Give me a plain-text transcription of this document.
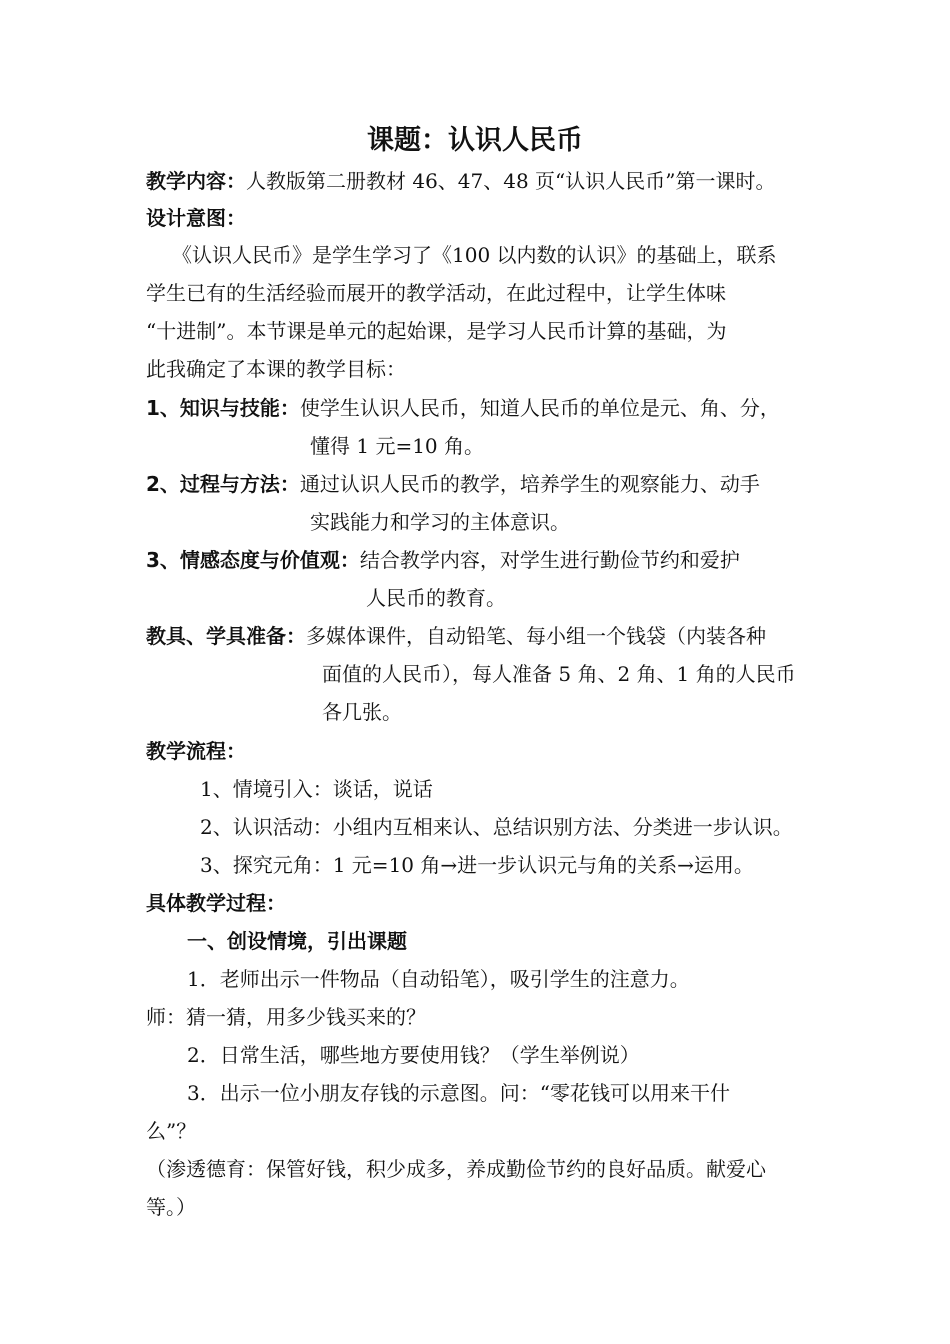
课题：认识人民币
教学内容：人教版第二册教材 46、47、48 页“认识人民币”第一课时。
设计意图：
《认识人民币》是学生学习了《100 以内数的认识》的基础上，联系
学生已有的生活经验而展开的教学活动，在此过程中，让学生体味
“十进制”。本节课是单元的起始课，是学习人民币计算的基础，为
此我确定了本课的教学目标：
1、知识与技能：使学生认识人民币，知道人民币的单位是元、角、分，
懂得 1 元=10 角。
2、过程与方法：通过认识人民币的教学，培养学生的观察能力、动手
实践能力和学习的主体意识。
3、情感态度与价值观：结合教学内容，对学生进行勤俭节约和爱护
人民币的教育。
教具、学具准备：多媒体课件，自动铅笔、每小组一个钱袋（内装各种
面值的人民币），每人准备 5 角、2 角、1 角的人民币
各几张。
教学流程：
1、情境引入：谈话，说话
2、认识活动：小组内互相来认、总结识别方法、分类进一步认识。
3、探究元角：1 元=10 角→进一步认识元与角的关系→运用。
具体教学过程：
一、创设情境，引出课题
1．老师出示一件物品（自动铅笔），吸引学生的注意力。
师：猜一猜，用多少钱买来的？
2．日常生活，哪些地方要使用钱？（学生举例说）
3．出示一位小朋友存钱的示意图。问：“零花钱可以用来干什
么”？
（渗透德育：保管好钱，积少成多，养成勤俭节约的良好品质。献爱心
等。）
